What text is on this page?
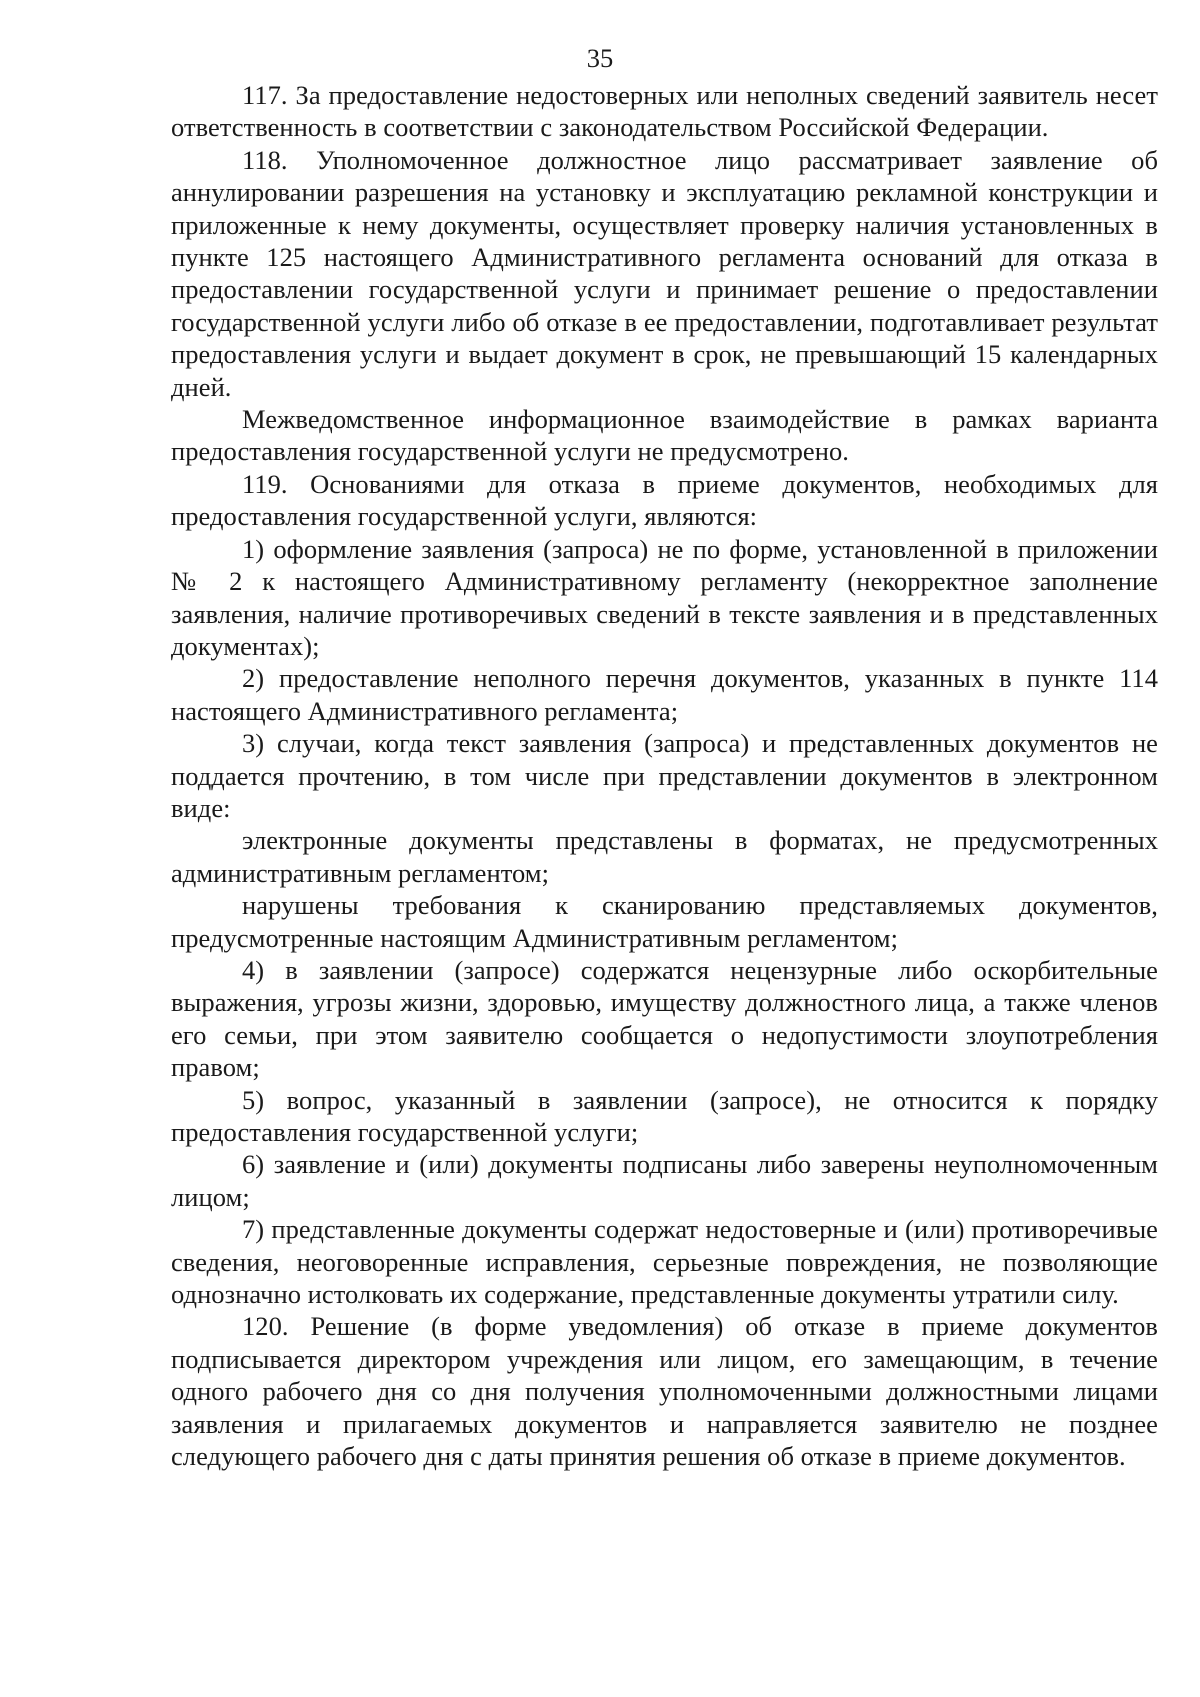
35

117. За предоставление недостоверных или неполных сведений заявитель несет ответственность в соответствии с законодательством Российской Федерации.

118. Уполномоченное должностное лицо рассматривает заявление об аннулировании разрешения на установку и эксплуатацию рекламной конструкции и приложенные к нему документы, осуществляет проверку наличия установленных в пункте 125 настоящего Административного регламента оснований для отказа в предоставлении государственной услуги и принимает решение о предоставлении государственной услуги либо об отказе в ее предоставлении, подготавливает результат предоставления услуги и выдает документ в срок, не превышающий 15 календарных дней.

Межведомственное информационное взаимодействие в рамках варианта предоставления государственной услуги не предусмотрено.

119. Основаниями для отказа в приеме документов, необходимых для предоставления государственной услуги, являются:

1) оформление заявления (запроса) не по форме, установленной в приложении № 2 к настоящего Административному регламенту (некорректное заполнение заявления, наличие противоречивых сведений в тексте заявления и в представленных документах);

2) предоставление неполного перечня документов, указанных в пункте 114 настоящего Административного регламента;

3) случаи, когда текст заявления (запроса) и представленных документов не поддается прочтению, в том числе при представлении документов в электронном виде:

электронные документы представлены в форматах, не предусмотренных административным регламентом;

нарушены требования к сканированию представляемых документов, предусмотренные настоящим Административным регламентом;

4) в заявлении (запросе) содержатся нецензурные либо оскорбительные выражения, угрозы жизни, здоровью, имуществу должностного лица, а также членов его семьи, при этом заявителю сообщается о недопустимости злоупотребления правом;

5) вопрос, указанный в заявлении (запросе), не относится к порядку предоставления государственной услуги;

6) заявление и (или) документы подписаны либо заверены неуполномоченным лицом;

7) представленные документы содержат недостоверные и (или) противоречивые сведения, неоговоренные исправления, серьезные повреждения, не позволяющие однозначно истолковать их содержание, представленные документы утратили силу.

120. Решение (в форме уведомления) об отказе в приеме документов подписывается директором учреждения или лицом, его замещающим, в течение одного рабочего дня со дня получения уполномоченными должностными лицами заявления и прилагаемых документов и направляется заявителю не позднее следующего рабочего дня с даты принятия решения об отказе в приеме документов.
